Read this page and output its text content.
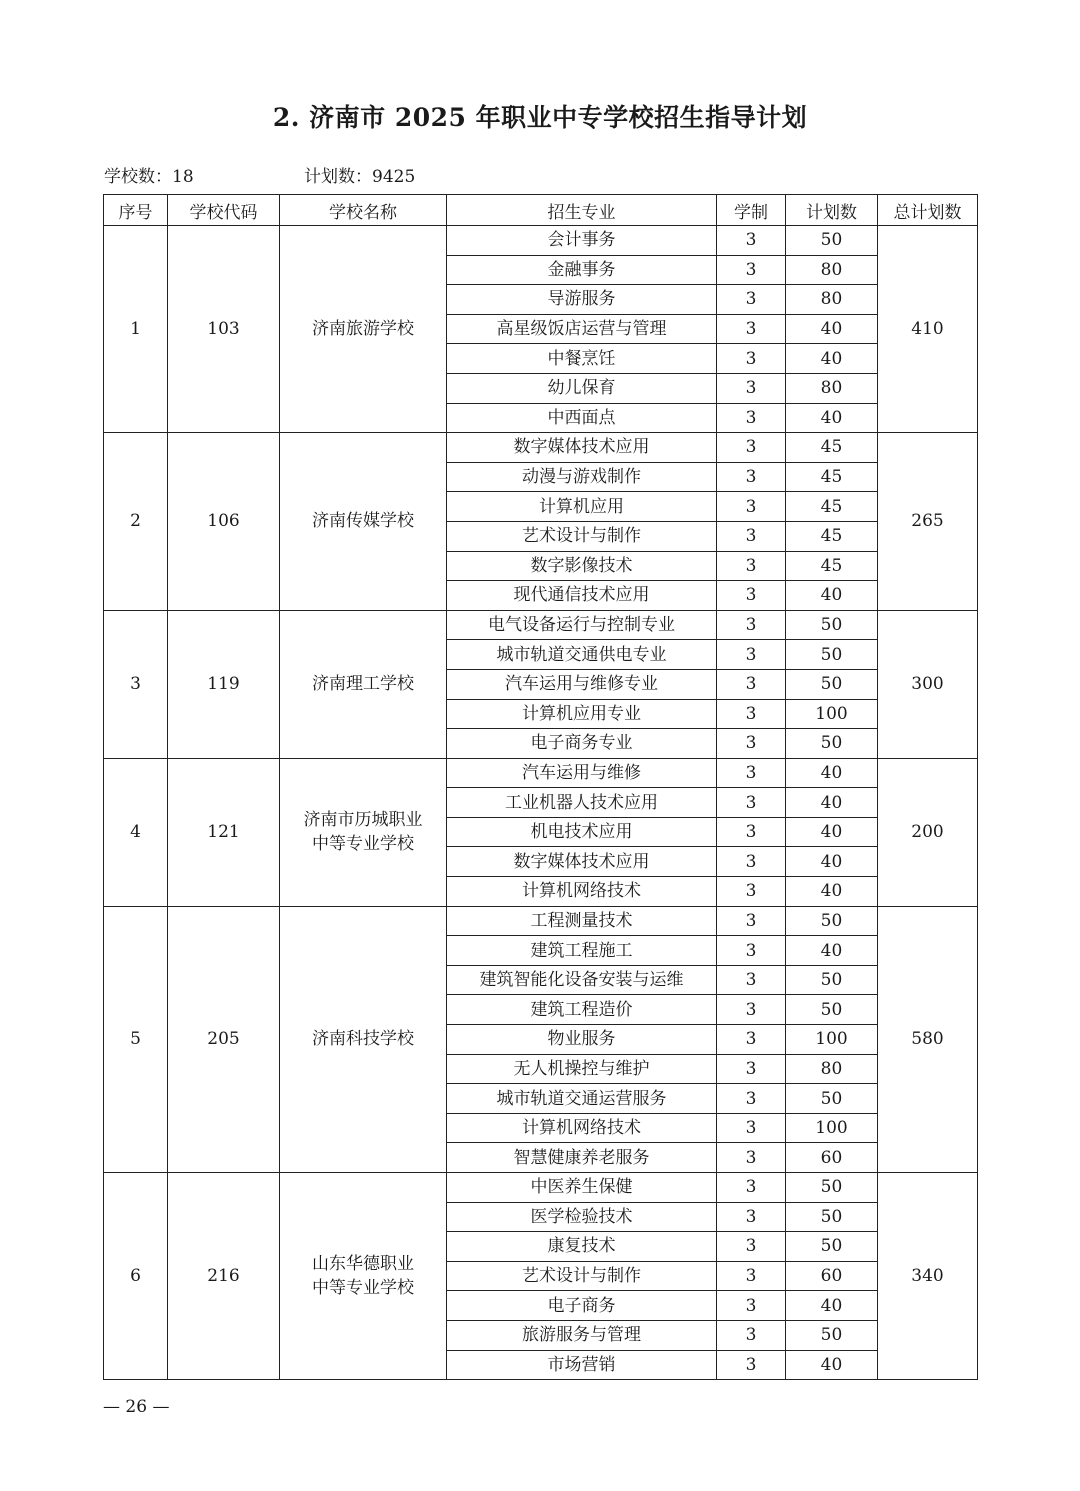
2. 济南市 2025 年职业中专学校招生指导计划
学校数：18	计划数：9425
序号	学校代码	学校名称	招生专业	学制	计划数	总计划数
1	103	济南旅游学校	会计事务	3	50	410
			金融事务	3	80	
			导游服务	3	80	
			高星级饭店运营与管理	3	40	
			中餐烹饪	3	40	
			幼儿保育	3	80	
			中西面点	3	40	
2	106	济南传媒学校	数字媒体技术应用	3	45	265
			动漫与游戏制作	3	45	
			计算机应用	3	45	
			艺术设计与制作	3	45	
			数字影像技术	3	45	
			现代通信技术应用	3	40	
3	119	济南理工学校	电气设备运行与控制专业	3	50	300
			城市轨道交通供电专业	3	50	
			汽车运用与维修专业	3	50	
			计算机应用专业	3	100	
			电子商务专业	3	50	
4	121	济南市历城职业
中等专业学校	汽车运用与维修	3	40	200
			工业机器人技术应用	3	40	
			机电技术应用	3	40	
			数字媒体技术应用	3	40	
			计算机网络技术	3	40	
5	205	济南科技学校	工程测量技术	3	50	580
			建筑工程施工	3	40	
			建筑智能化设备安装与运维	3	50	
			建筑工程造价	3	50	
			物业服务	3	100	
			无人机操控与维护	3	80	
			城市轨道交通运营服务	3	50	
			计算机网络技术	3	100	
			智慧健康养老服务	3	60	
6	216	山东华德职业
中等专业学校	中医养生保健	3	50	340
			医学检验技术	3	50	
			康复技术	3	50	
			艺术设计与制作	3	60	
			电子商务	3	40	
			旅游服务与管理	3	50	
			市场营销	3	40	
— 26 —
